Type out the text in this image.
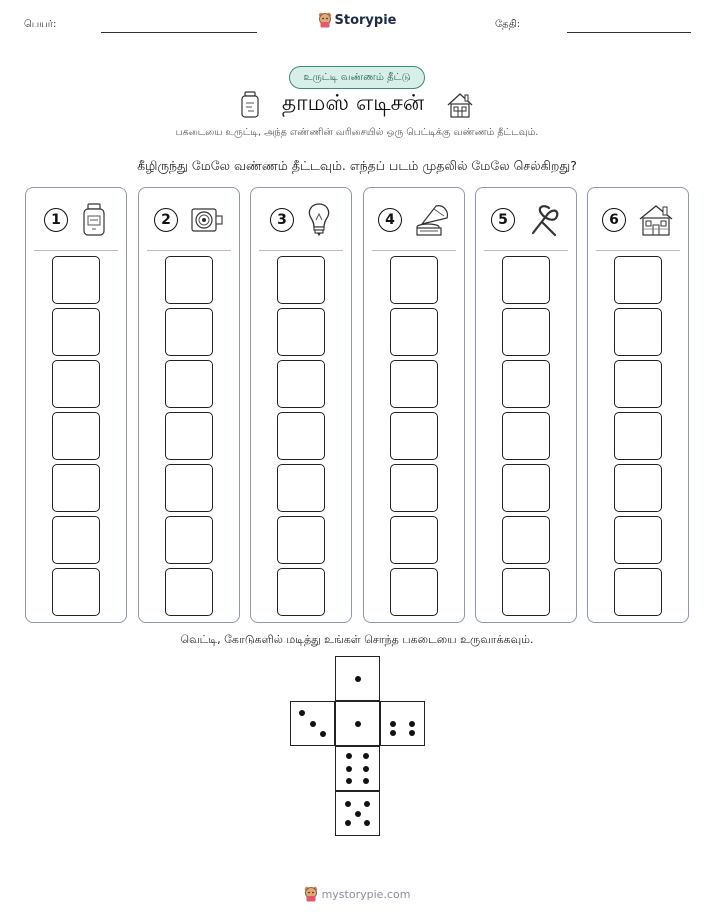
பெயர்:	Storypie	தேதி:
உருட்டி வண்ணம் தீட்டு
தாமஸ் எடிசன்
பகடையை உருட்டி, அந்த எண்ணின் வரிசையில் ஒரு பெட்டிக்கு வண்ணம் தீட்டவும்.
கீழிருந்து மேலே வண்ணம் தீட்டவும். எந்தப் படம் முதலில் மேலே செல்கிறது?
1	2	3	4	5	6
வெட்டி, கோடுகளில் மடித்து உங்கள் சொந்த பகடையை உருவாக்கவும்.
mystorypie.com
